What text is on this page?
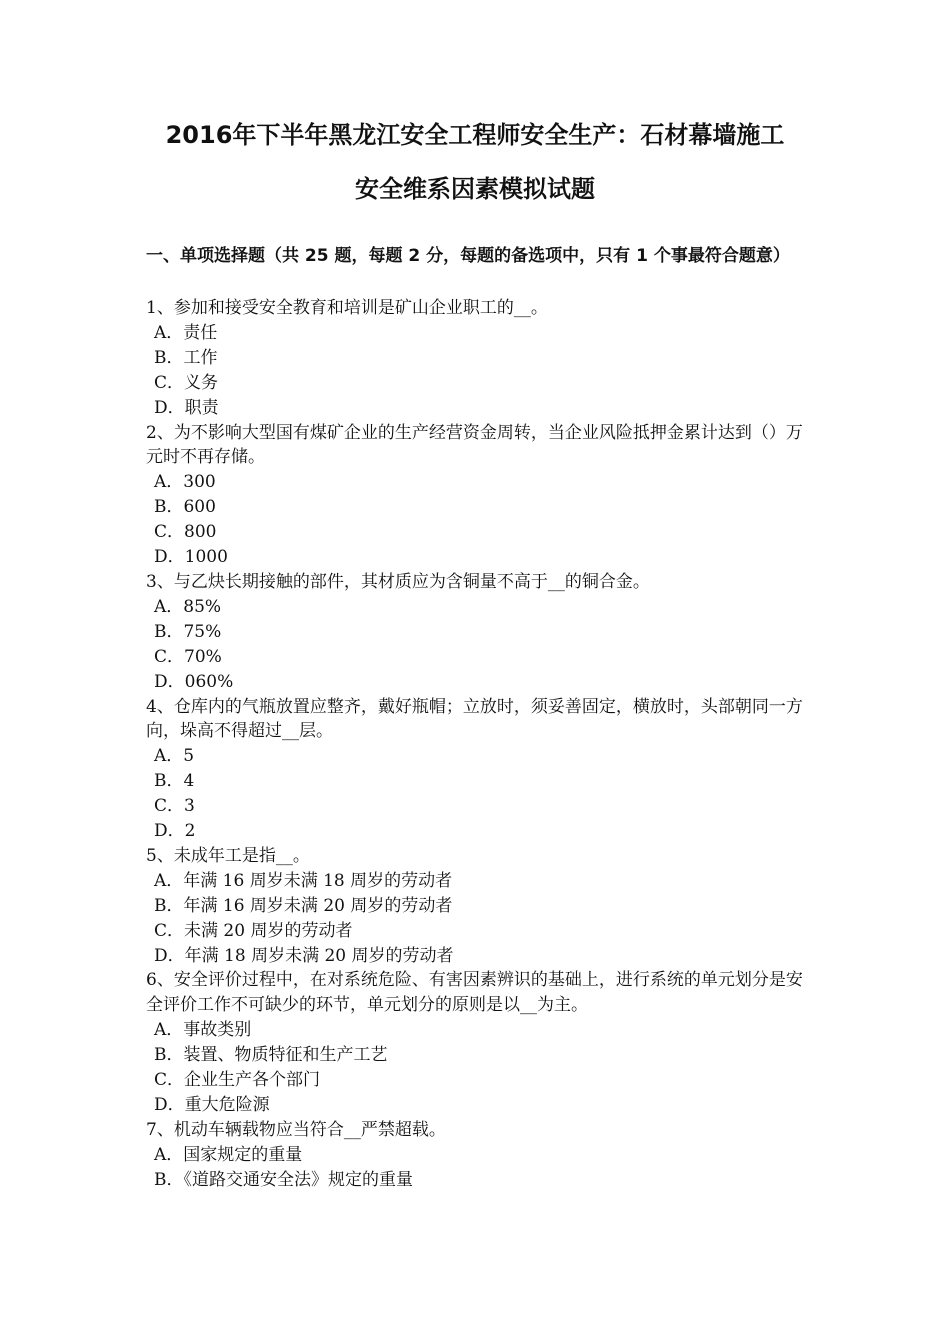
2016年下半年黑龙江安全工程师安全生产：石材幕墙施工
安全维系因素模拟试题
一、单项选择题（共 25 题，每题 2 分，每题的备选项中，只有 1 个事最符合题意）

1、参加和接受安全教育和培训是矿山企业职工的__。

A．责任

B．工作

C．义务

D．职责

2、为不影响大型国有煤矿企业的生产经营资金周转，当企业风险抵押金累计达到（）万元时不再存储。

A．300

B．600

C．800

D．1000

3、与乙炔长期接触的部件，其材质应为含铜量不高于__的铜合金。

A．85%

B．75%

C．70%

D．060%

4、仓库内的气瓶放置应整齐，戴好瓶帽；立放时，须妥善固定，横放时，头部朝同一方向，垛高不得超过__层。

A．5

B．4

C．3

D．2

5、未成年工是指__。

A．年满 16 周岁未满 18 周岁的劳动者

B．年满 16 周岁未满 20 周岁的劳动者

C．未满 20 周岁的劳动者

D．年满 18 周岁未满 20 周岁的劳动者

6、安全评价过程中，在对系统危险、有害因素辨识的基础上，进行系统的单元划分是安全评价工作不可缺少的环节，单元划分的原则是以__为主。

A．事故类别

B．装置、物质特征和生产工艺

C．企业生产各个部门

D．重大危险源

7、机动车辆载物应当符合__严禁超载。

A．国家规定的重量

B．《道路交通安全法》规定的重量
